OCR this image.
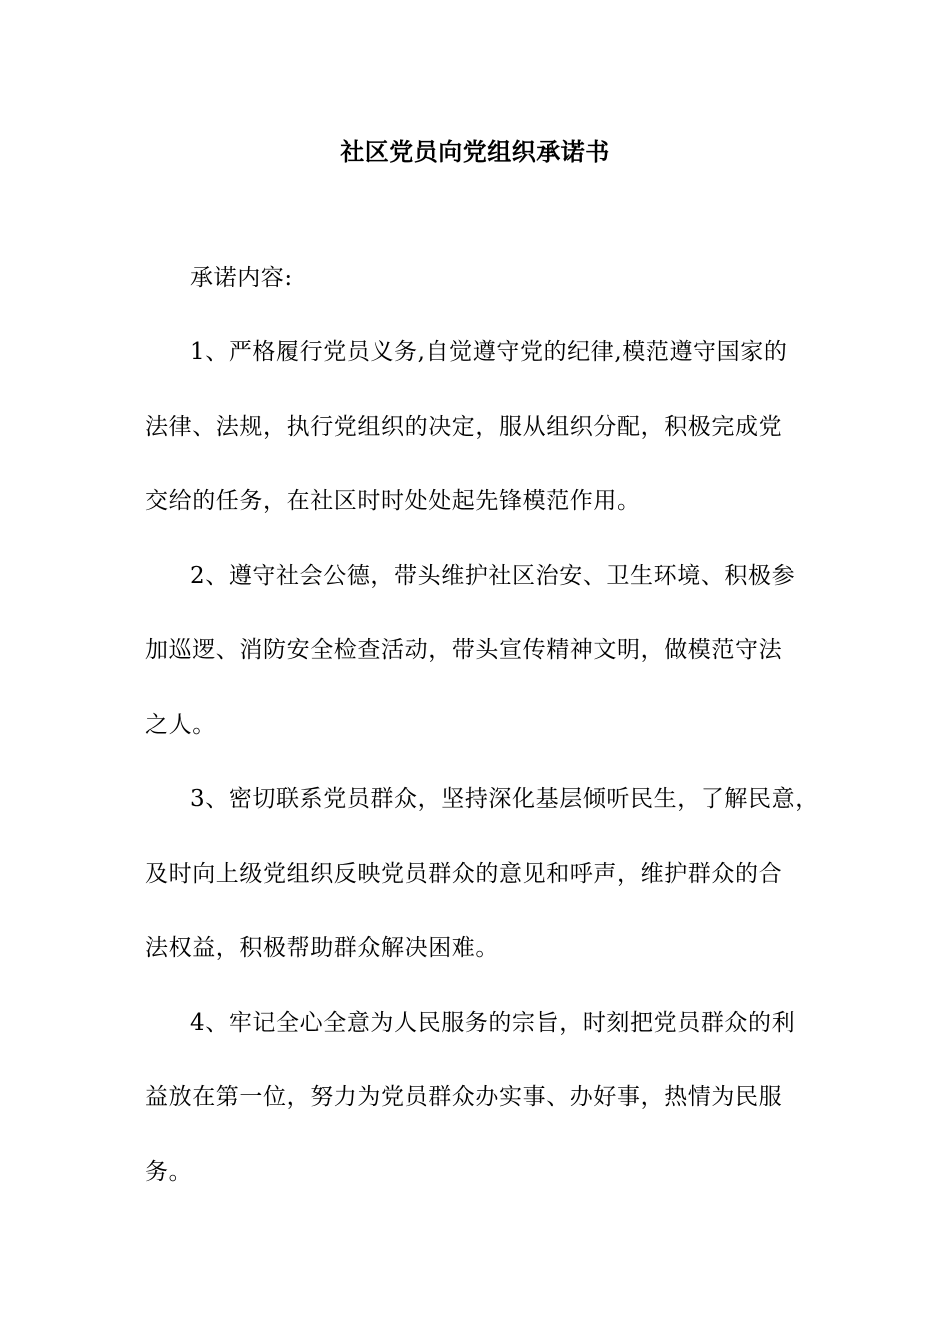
社区党员向党组织承诺书
承诺内容:
1、严格履行党员义务,自觉遵守党的纪律,模范遵守国家的
法律、法规，执行党组织的决定，服从组织分配，积极完成党
交给的任务，在社区时时处处起先锋模范作用。
2、遵守社会公德，带头维护社区治安、卫生环境、积极参
加巡逻、消防安全检查活动，带头宣传精神文明，做模范守法
之人。
3、密切联系党员群众，坚持深化基层倾听民生，了解民意，
及时向上级党组织反映党员群众的意见和呼声，维护群众的合
法权益，积极帮助群众解决困难。
4、牢记全心全意为人民服务的宗旨，时刻把党员群众的利
益放在第一位，努力为党员群众办实事、办好事，热情为民服
务。
